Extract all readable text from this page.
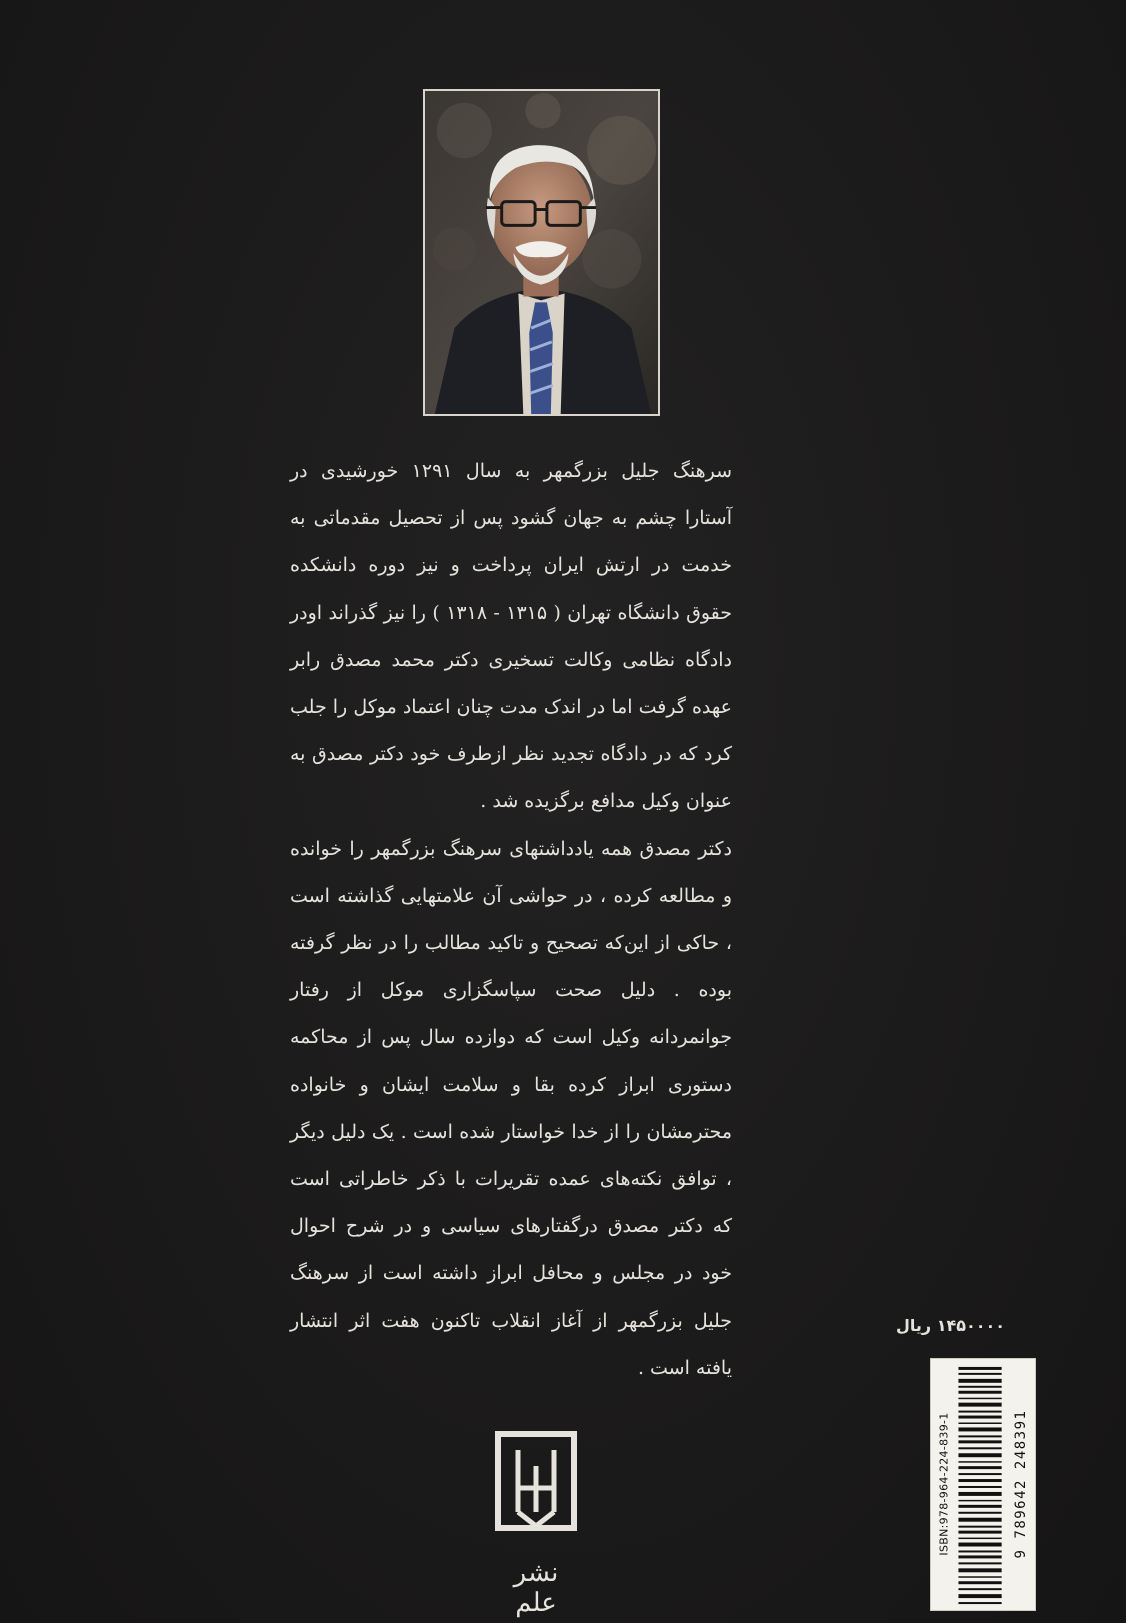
سرهنگ جلیل بزرگمهر به سال ۱۲۹۱ خورشیدی در آستارا چشم به جهان گشود پس از تحصیل مقدماتی به خدمت در ارتش ایران پرداخت و نیز دوره دانشکده حقوق دانشگاه تهران ( ۱۳۱۵ - ۱۳۱۸ ) را نیز گذراند اودر دادگاه نظامی وکالت تسخیری دکتر محمد مصدق رابر عهده گرفت اما در اندک مدت چنان اعتماد موکل را جلب کرد که در دادگاه تجدید نظر ازطرف خود دکتر مصدق به عنوان وکیل مدافع برگزیده شد .

دکتر مصدق همه یادداشتهای سرهنگ بزرگمهر را خوانده و مطالعه کرده ، در حواشی آن علامتهایی گذاشته است ، حاکی از این‌که تصحیح و تاکید مطالب را در نظر گرفته بوده . دلیل صحت سپاسگزاری موکل از رفتار جوانمردانه وکیل است که دوازده سال پس از محاکمه دستوری ابراز کرده بقا و سلامت ایشان و خانواده محترمشان را از خدا خواستار شده است . یک دلیل دیگر ، توافق نکته‌های عمده تقریرات با ذکر خاطراتی است که دکتر مصدق درگفتارهای سیاسی و در شرح احوال خود در مجلس و محافل ابراز داشته است از سرهنگ جلیل بزرگمهر از آغاز انقلاب تاکنون هفت اثر انتشار یافته است .

۱۴۵۰۰۰۰ ریال
ISBN:978-964-224-839-1	9 789642 248391
نشر علم
